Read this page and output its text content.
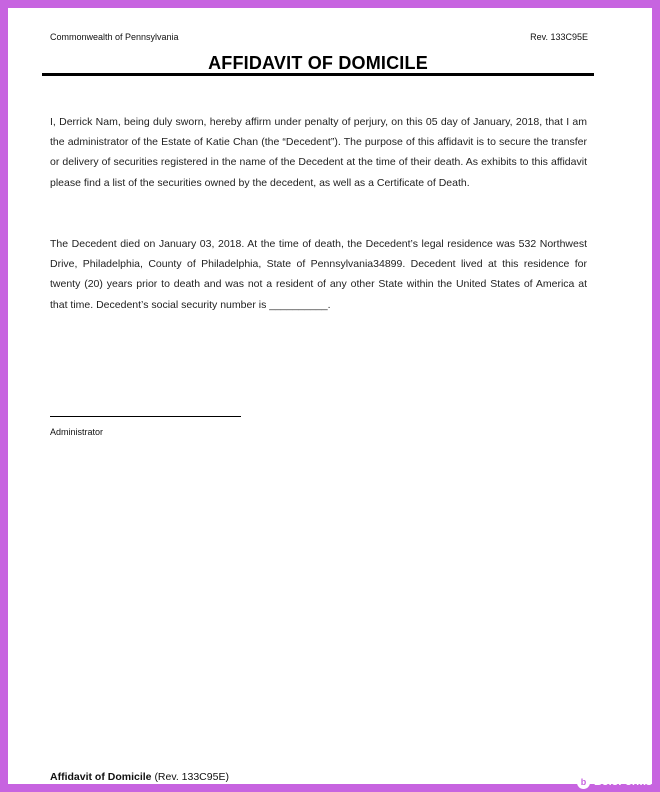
Commonwealth of Pennsylvania	Rev. 133C95E
AFFIDAVIT OF DOMICILE

I, Derrick Nam, being duly sworn, hereby affirm under penalty of perjury, on this 05 day of January, 2018, that I am the administrator of the Estate of Katie Chan (the “Decedent”). The purpose of this affidavit is to secure the transfer or delivery of securities registered in the name of the Decedent at the time of their death. As exhibits to this affidavit please find a list of the securities owned by the decedent, as well as a Certificate of Death.

The Decedent died on January 03, 2018. At the time of death, the Decedent’s legal residence was 532 Northwest Drive, Philadelphia, County of Philadelphia, State of Pennsylvania34899. Decedent lived at this residence for twenty (20) years prior to death and was not a resident of any other State within the United States of America at that time. Decedent’s social security number is __________.

Administrator
Affidavit of Domicile (Rev. 133C95E)	b BoloForms
